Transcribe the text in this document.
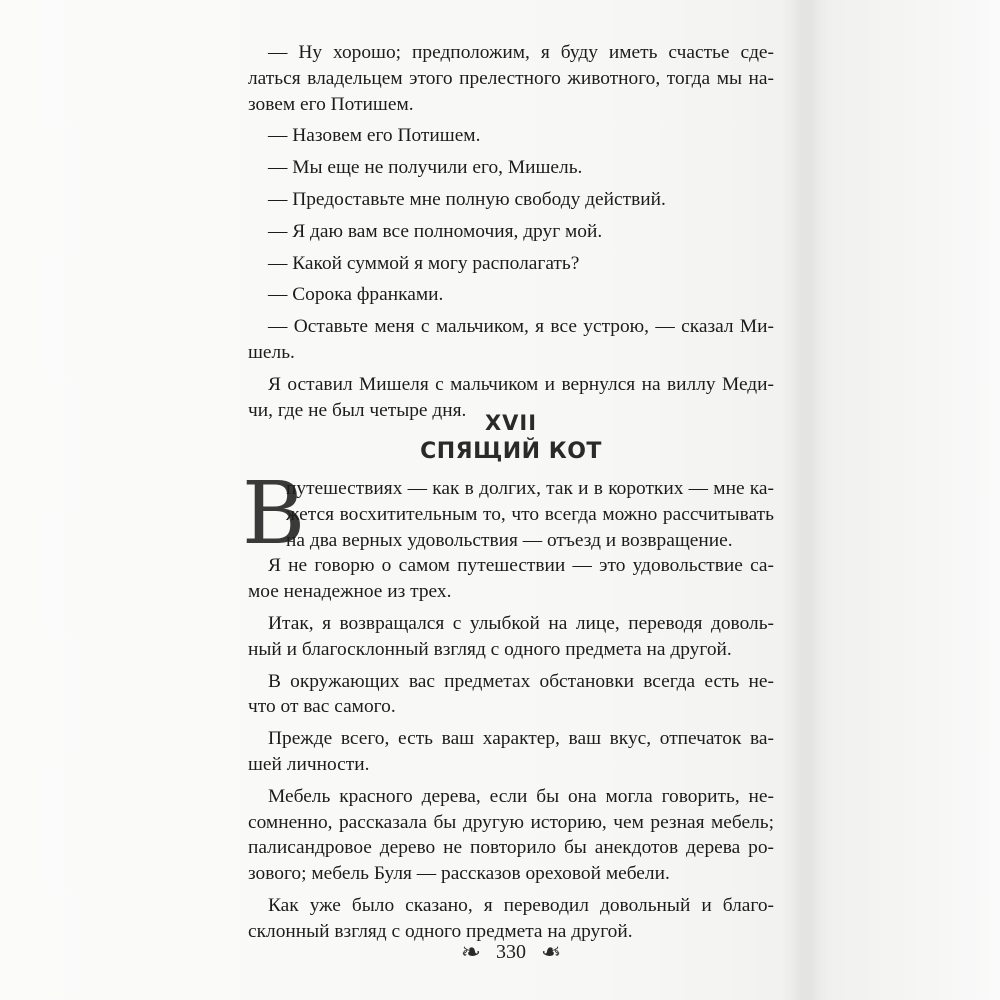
— Ну хорошо; предположим, я буду иметь счастье сде-
латься владельцем этого прелестного животного, тогда мы на-
зовем его Потишем.

— Назовем его Потишем.
— Мы еще не получили его, Мишель.
— Предоставьте мне полную свободу действий.
— Я даю вам все полномочия, друг мой.
— Какой суммой я могу располагать?
— Сорока франками.
— Оставьте меня с мальчиком, я все устрою, — сказал Ми-
шель.
Я оставил Мишеля с мальчиком и вернулся на виллу Меди-
чи, где не был четыре дня.
XVII
СПЯЩИЙ КОТ
В
путешествиях — как в долгих, так и в коротких — мне ка-
жется восхитительным то, что всегда можно рассчитывать
на два верных удовольствия — отъезд и возвращение.
Я не говорю о самом путешествии — это удовольствие са-
мое ненадежное из трех.
Итак, я возвращался с улыбкой на лице, переводя доволь-
ный и благосклонный взгляд с одного предмета на другой.
В окружающих вас предметах обстановки всегда есть не-
что от вас самого.
Прежде всего, есть ваш характер, ваш вкус, отпечаток ва-
шей личности.
Мебель красного дерева, если бы она могла говорить, не-
сомненно, рассказала бы другую историю, чем резная мебель;
палисандровое дерево не повторило бы анекдотов дерева ро-
зового; мебель Буля — рассказов ореховой мебели.
Как уже было сказано, я переводил довольный и благо-
склонный взгляд с одного предмета на другой.
❧ 330 ❧
